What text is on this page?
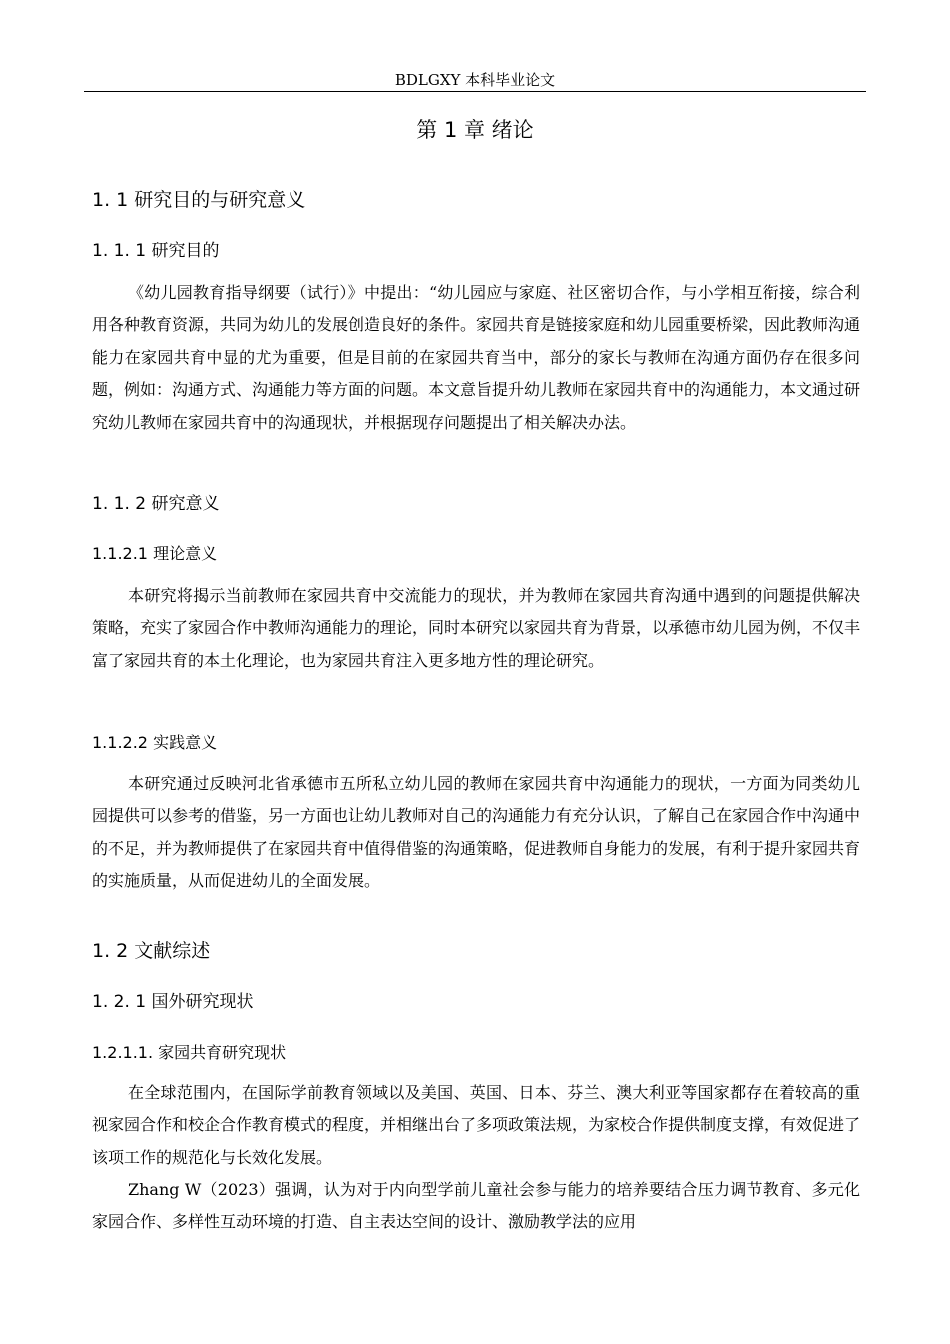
BDLGXY 本科毕业论文
第 1 章 绪论
1. 1 研究目的与研究意义
1. 1. 1 研究目的

《幼儿园教育指导纲要（试行）》中提出：“幼儿园应与家庭、社区密切合作，与小学相互衔接，综合利用各种教育资源，共同为幼儿的发展创造良好的条件。家园共育是链接家庭和幼儿园重要桥梁，因此教师沟通能力在家园共育中显的尤为重要，但是目前的在家园共育当中，部分的家长与教师在沟通方面仍存在很多问题，例如：沟通方式、沟通能力等方面的问题。本文意旨提升幼儿教师在家园共育中的沟通能力，本文通过研究幼儿教师在家园共育中的沟通现状，并根据现存问题提出了相关解决办法。

1. 1. 2 研究意义
1.1.2.1 理论意义

本研究将揭示当前教师在家园共育中交流能力的现状，并为教师在家园共育沟通中遇到的问题提供解决策略，充实了家园合作中教师沟通能力的理论，同时本研究以家园共育为背景，以承德市幼儿园为例，不仅丰富了家园共育的本土化理论，也为家园共育注入更多地方性的理论研究。

1.1.2.2 实践意义

本研究通过反映河北省承德市五所私立幼儿园的教师在家园共育中沟通能力的现状，一方面为同类幼儿园提供可以参考的借鉴，另一方面也让幼儿教师对自己的沟通能力有充分认识，了解自己在家园合作中沟通中的不足，并为教师提供了在家园共育中值得借鉴的沟通策略，促进教师自身能力的发展，有利于提升家园共育的实施质量，从而促进幼儿的全面发展。

1. 2 文献综述
1. 2. 1 国外研究现状
1.2.1.1. 家园共育研究现状

在全球范围内，在国际学前教育领域以及美国、英国、日本、芬兰、澳大利亚等国家都存在着较高的重视家园合作和校企合作教育模式的程度，并相继出台了多项政策法规，为家校合作提供制度支撑，有效促进了该项工作的规范化与长效化发展。

Zhang W（2023）强调，认为对于内向型学前儿童社会参与能力的培养要结合压力调节教育、多元化家园合作、多样性互动环境的打造、自主表达空间的设计、激励教学法的应用
